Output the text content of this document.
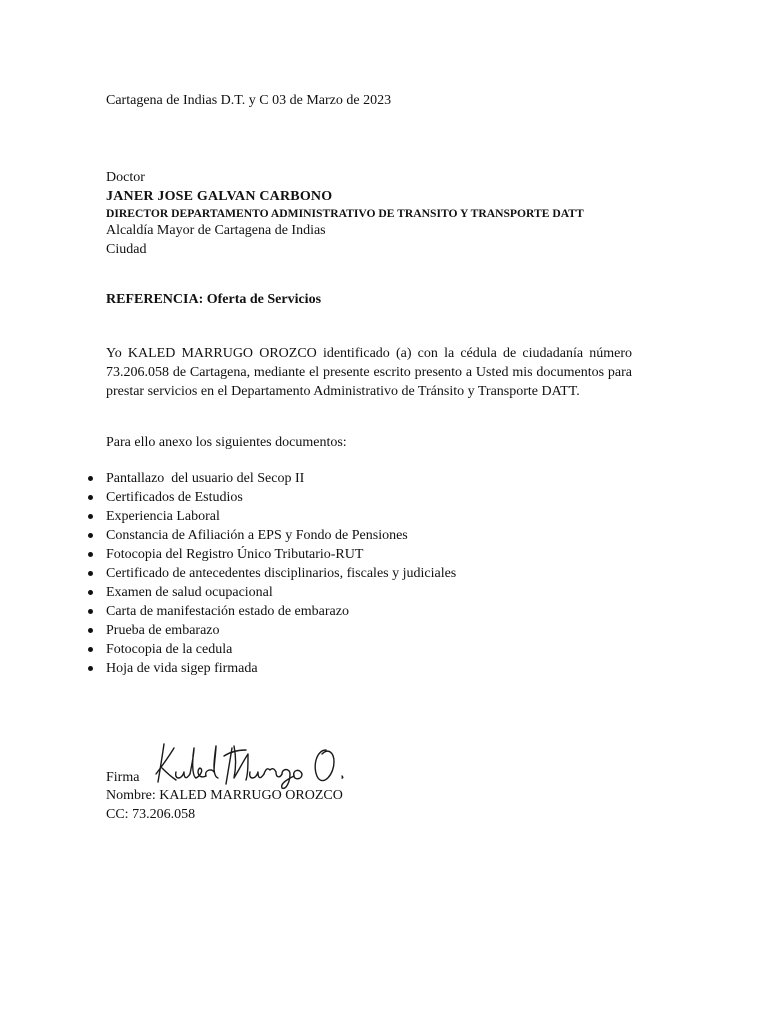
Cartagena de Indias D.T. y C 03 de Marzo de 2023
Doctor
JANER JOSE GALVAN CARBONO
DIRECTOR DEPARTAMENTO ADMINISTRATIVO DE TRANSITO Y TRANSPORTE DATT
Alcaldía Mayor de Cartagena de Indias
Ciudad
REFERENCIA: Oferta de Servicios
Yo KALED MARRUGO OROZCO identificado (a) con la cédula de ciudadanía número 73.206.058 de Cartagena, mediante el presente escrito presento a Usted mis documentos para prestar servicios en el Departamento Administrativo de Tránsito y Transporte DATT.
Para ello anexo los siguientes documentos:
Pantallazo  del usuario del Secop II
Certificados de Estudios
Experiencia Laboral
Constancia de Afiliación a EPS y Fondo de Pensiones
Fotocopia del Registro Único Tributario-RUT
Certificado de antecedentes disciplinarios, fiscales y judiciales
Examen de salud ocupacional
Carta de manifestación estado de embarazo
Prueba de embarazo
Fotocopia de la cedula
Hoja de vida sigep firmada
Firma
Nombre: KALED MARRUGO OROZCO
CC: 73.206.058
